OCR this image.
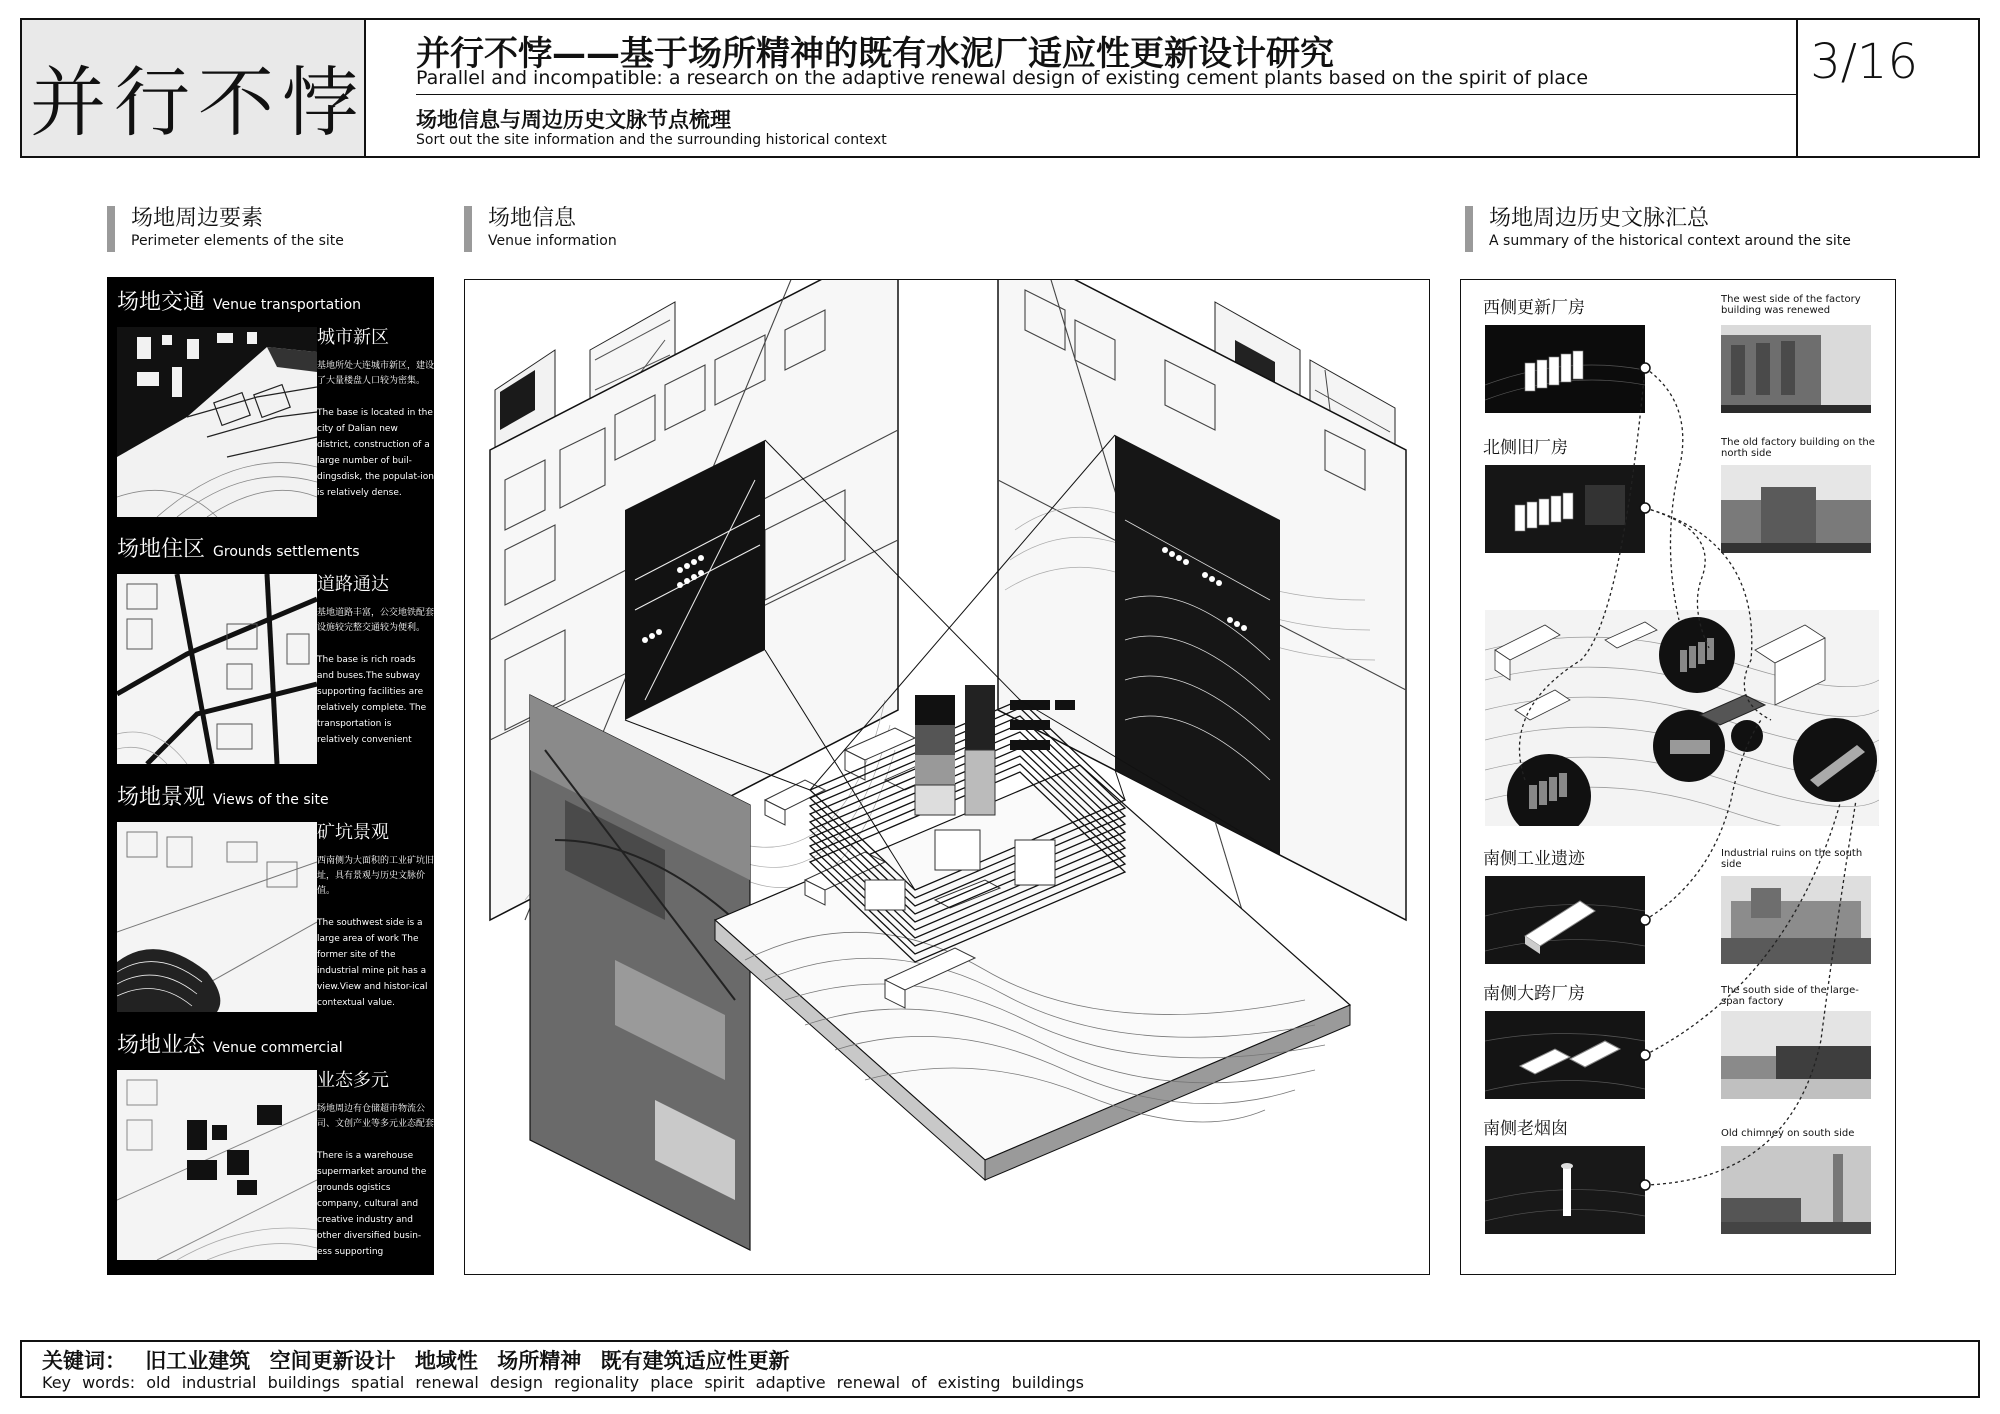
并行不悖
并行不悖——基于场所精神的既有水泥厂适应性更新设计研究
Parallel and incompatible: a research on the adaptive renewal design of existing cement plants based on the spirit of place
场地信息与周边历史文脉节点梳理
Sort out the site information and the surrounding historical context
3/16
场地周边要素
Perimeter elements of the site
场地信息
Venue information
场地周边历史文脉汇总
A summary of the historical context around the site
场地交通 Venue transportation
城市新区
基地所处大连城市新区，建设了大量楼盘人口较为密集。
The base is located in the city of Dalian new district, construction of a large number of buil-dingsdisk, the populat-ion is relatively dense.
场地住区 Grounds settlements
道路通达
基地道路丰富，公交地铁配套设施较完整交通较为便利。
The base is rich roads and buses.The subway supporting facilities are relatively complete. The transportation is relatively convenient
场地景观 Views of the site
矿坑景观
西南侧为大面积的工业矿坑旧址，具有景观与历史文脉价值。
The southwest side is a large area of work The former site of the industrial mine pit has a view.View and histor-ical contextual value.
场地业态 Venue commercial
业态多元
场地周边有仓储超市物流公司、文创产业等多元业态配套
There is a warehouse supermarket around the grounds ogistics company, cultural and creative industry and other diversified busin-ess supporting
西侧更新厂房	The west side of the factory building was renewed
北侧旧厂房	The old factory building on the north side
南侧工业遗迹	Industrial ruins on the south side
南侧大跨厂房	The south side of the large-span factory
南侧老烟囱	Old chimney on south side
关键词： 旧工业建筑 空间更新设计 地域性 场所精神 既有建筑适应性更新
Key words: old industrial buildings spatial renewal design regionality place spirit adaptive renewal of existing buildings
